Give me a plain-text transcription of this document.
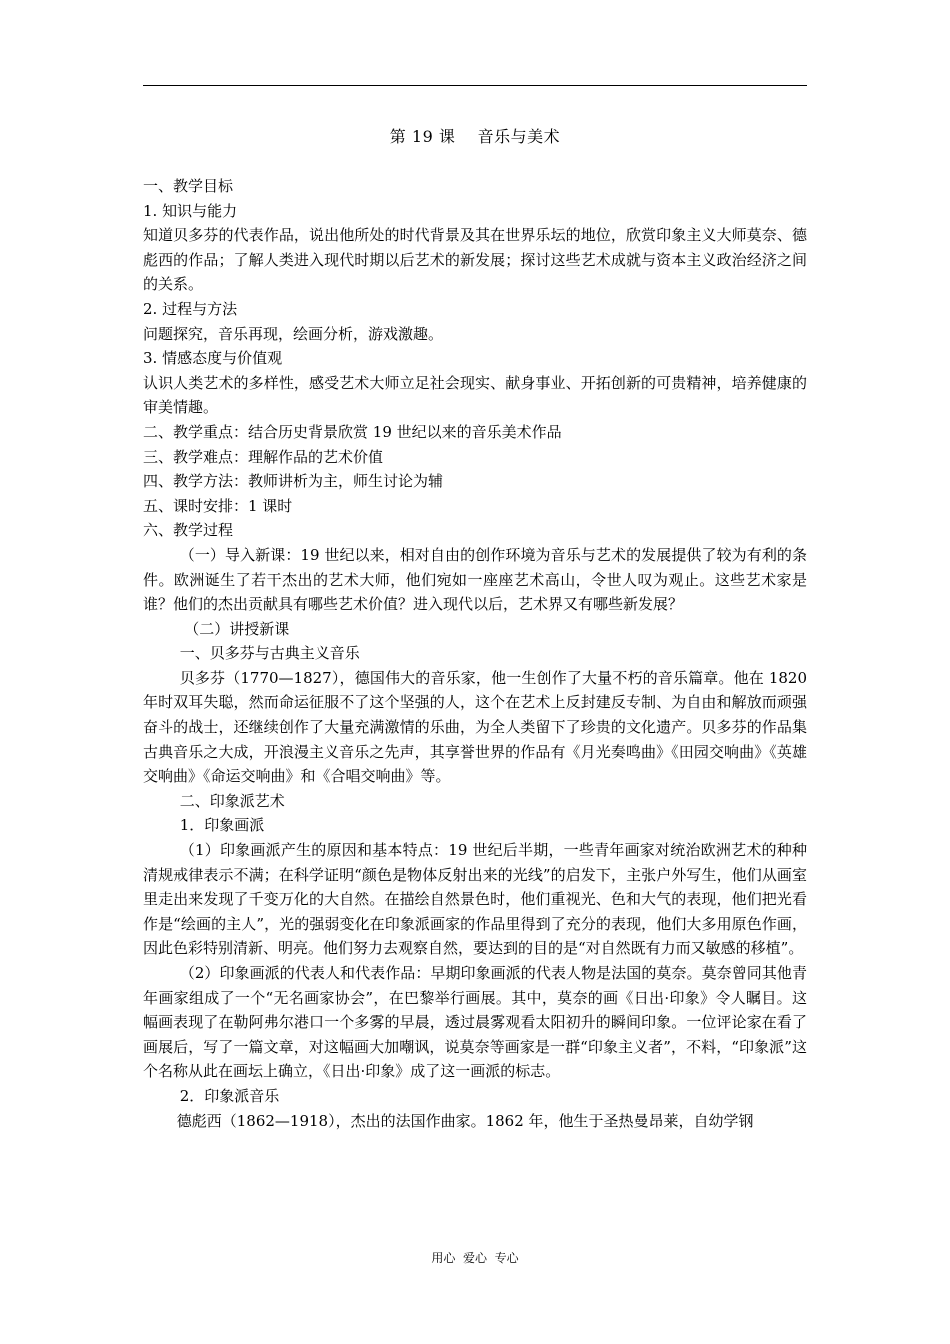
第 19 课    音乐与美术

一、教学目标

1. 知识与能力

知道贝多芬的代表作品，说出他所处的时代背景及其在世界乐坛的地位，欣赏印象主义大师莫奈、德彪西的作品；了解人类进入现代时期以后艺术的新发展；探讨这些艺术成就与资本主义政治经济之间的关系。

2. 过程与方法

问题探究，音乐再现，绘画分析，游戏激趣。

3. 情感态度与价值观

认识人类艺术的多样性，感受艺术大师立足社会现实、献身事业、开拓创新的可贵精神，培养健康的审美情趣。

二、教学重点：结合历史背景欣赏 19 世纪以来的音乐美术作品

三、教学难点：理解作品的艺术价值

四、教学方法：教师讲析为主，师生讨论为辅

五、课时安排：1 课时

六、教学过程

（一）导入新课：19 世纪以来，相对自由的创作环境为音乐与艺术的发展提供了较为有利的条件。欧洲诞生了若干杰出的艺术大师，他们宛如一座座艺术高山，令世人叹为观止。这些艺术家是谁？他们的杰出贡献具有哪些艺术价值？进入现代以后，艺术界又有哪些新发展？

（二）讲授新课

一、贝多芬与古典主义音乐

贝多芬（1770—1827），德国伟大的音乐家，他一生创作了大量不朽的音乐篇章。他在 1820 年时双耳失聪，然而命运征服不了这个坚强的人，这个在艺术上反封建反专制、为自由和解放而顽强奋斗的战士，还继续创作了大量充满激情的乐曲，为全人类留下了珍贵的文化遗产。贝多芬的作品集古典音乐之大成，开浪漫主义音乐之先声，其享誉世界的作品有《月光奏鸣曲》《田园交响曲》《英雄交响曲》《命运交响曲》和《合唱交响曲》等。

二、印象派艺术

1．印象画派

（1）印象画派产生的原因和基本特点：19 世纪后半期，一些青年画家对统治欧洲艺术的种种清规戒律表示不满；在科学证明“颜色是物体反射出来的光线”的启发下，主张户外写生，他们从画室里走出来发现了千变万化的大自然。在描绘自然景色时，他们重视光、色和大气的表现，他们把光看作是“绘画的主人”，光的强弱变化在印象派画家的作品里得到了充分的表现，他们大多用原色作画，因此色彩特别清新、明亮。他们努力去观察自然，要达到的目的是“对自然既有力而又敏感的移植”。

（2）印象画派的代表人和代表作品：早期印象画派的代表人物是法国的莫奈。莫奈曾同其他青年画家组成了一个“无名画家协会”，在巴黎举行画展。其中，莫奈的画《日出·印象》令人瞩目。这幅画表现了在勒阿弗尔港口一个多雾的早晨，透过晨雾观看太阳初升的瞬间印象。一位评论家在看了画展后，写了一篇文章，对这幅画大加嘲讽，说莫奈等画家是一群“印象主义者”，不料，“印象派”这个名称从此在画坛上确立，《日出·印象》成了这一画派的标志。

2．印象派音乐

德彪西（1862—1918），杰出的法国作曲家。1862 年，他生于圣热曼昂莱，自幼学钢

用心  爱心  专心
